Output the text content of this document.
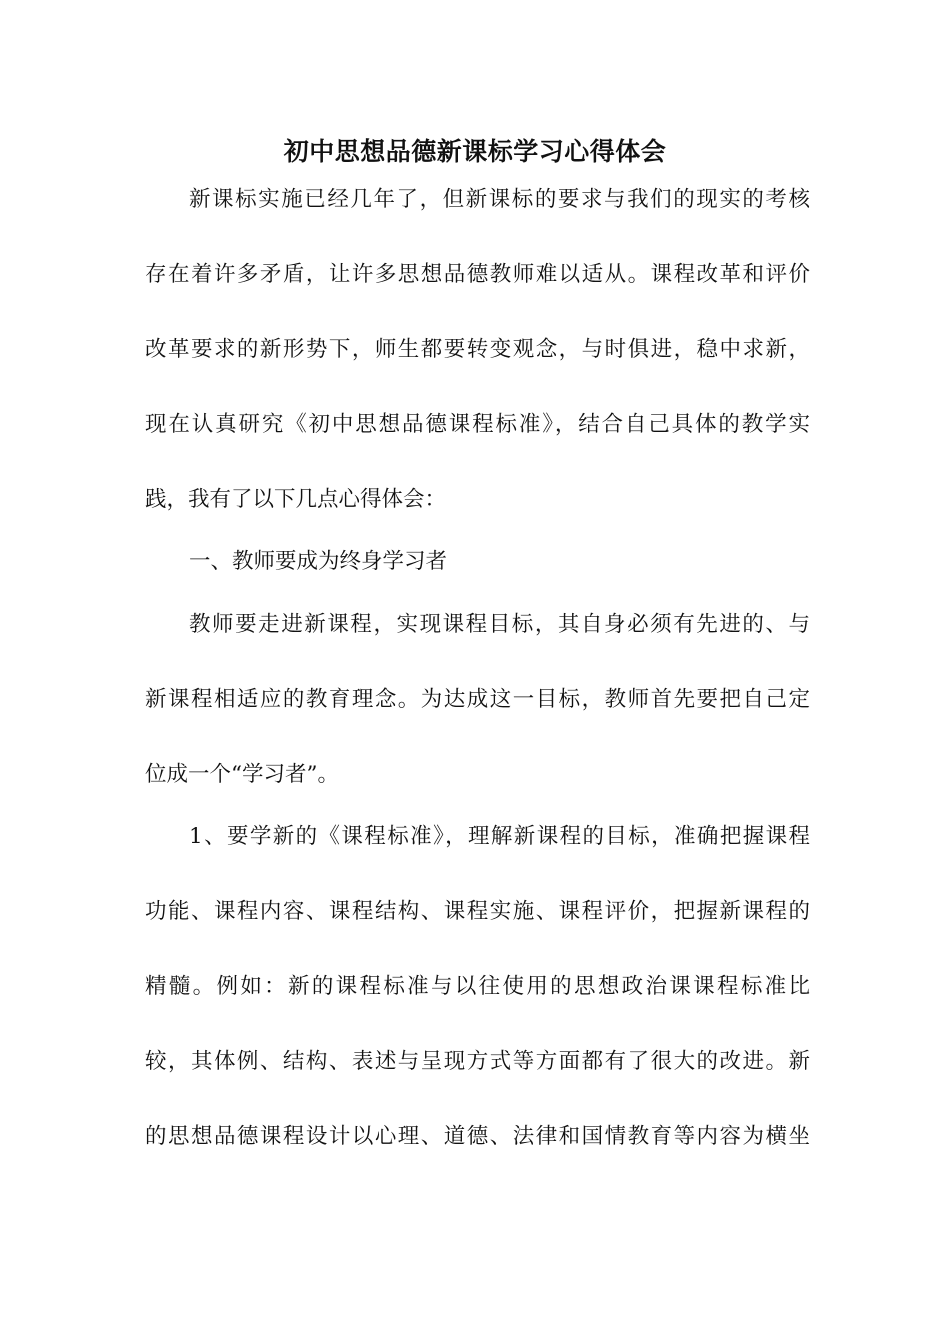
初中思想品德新课标学习心得体会
新课标实施已经几年了，但新课标的要求与我们的现实的考核
存在着许多矛盾，让许多思想品德教师难以适从。课程改革和评价
改革要求的新形势下，师生都要转变观念，与时俱进，稳中求新，
现在认真研究《初中思想品德课程标准》，结合自己具体的教学实
践，我有了以下几点心得体会：
一、教师要成为终身学习者
教师要走进新课程，实现课程目标，其自身必须有先进的、与
新课程相适应的教育理念。为达成这一目标，教师首先要把自己定
位成一个“学习者”。
1、要学新的《课程标准》，理解新课程的目标，准确把握课程
功能、课程内容、课程结构、课程实施、课程评价，把握新课程的
精髓。例如：新的课程标准与以往使用的思想政治课课程标准比
较，其体例、结构、表述与呈现方式等方面都有了很大的改进。新
的思想品德课程设计以心理、道德、法律和国情教育等内容为横坐
